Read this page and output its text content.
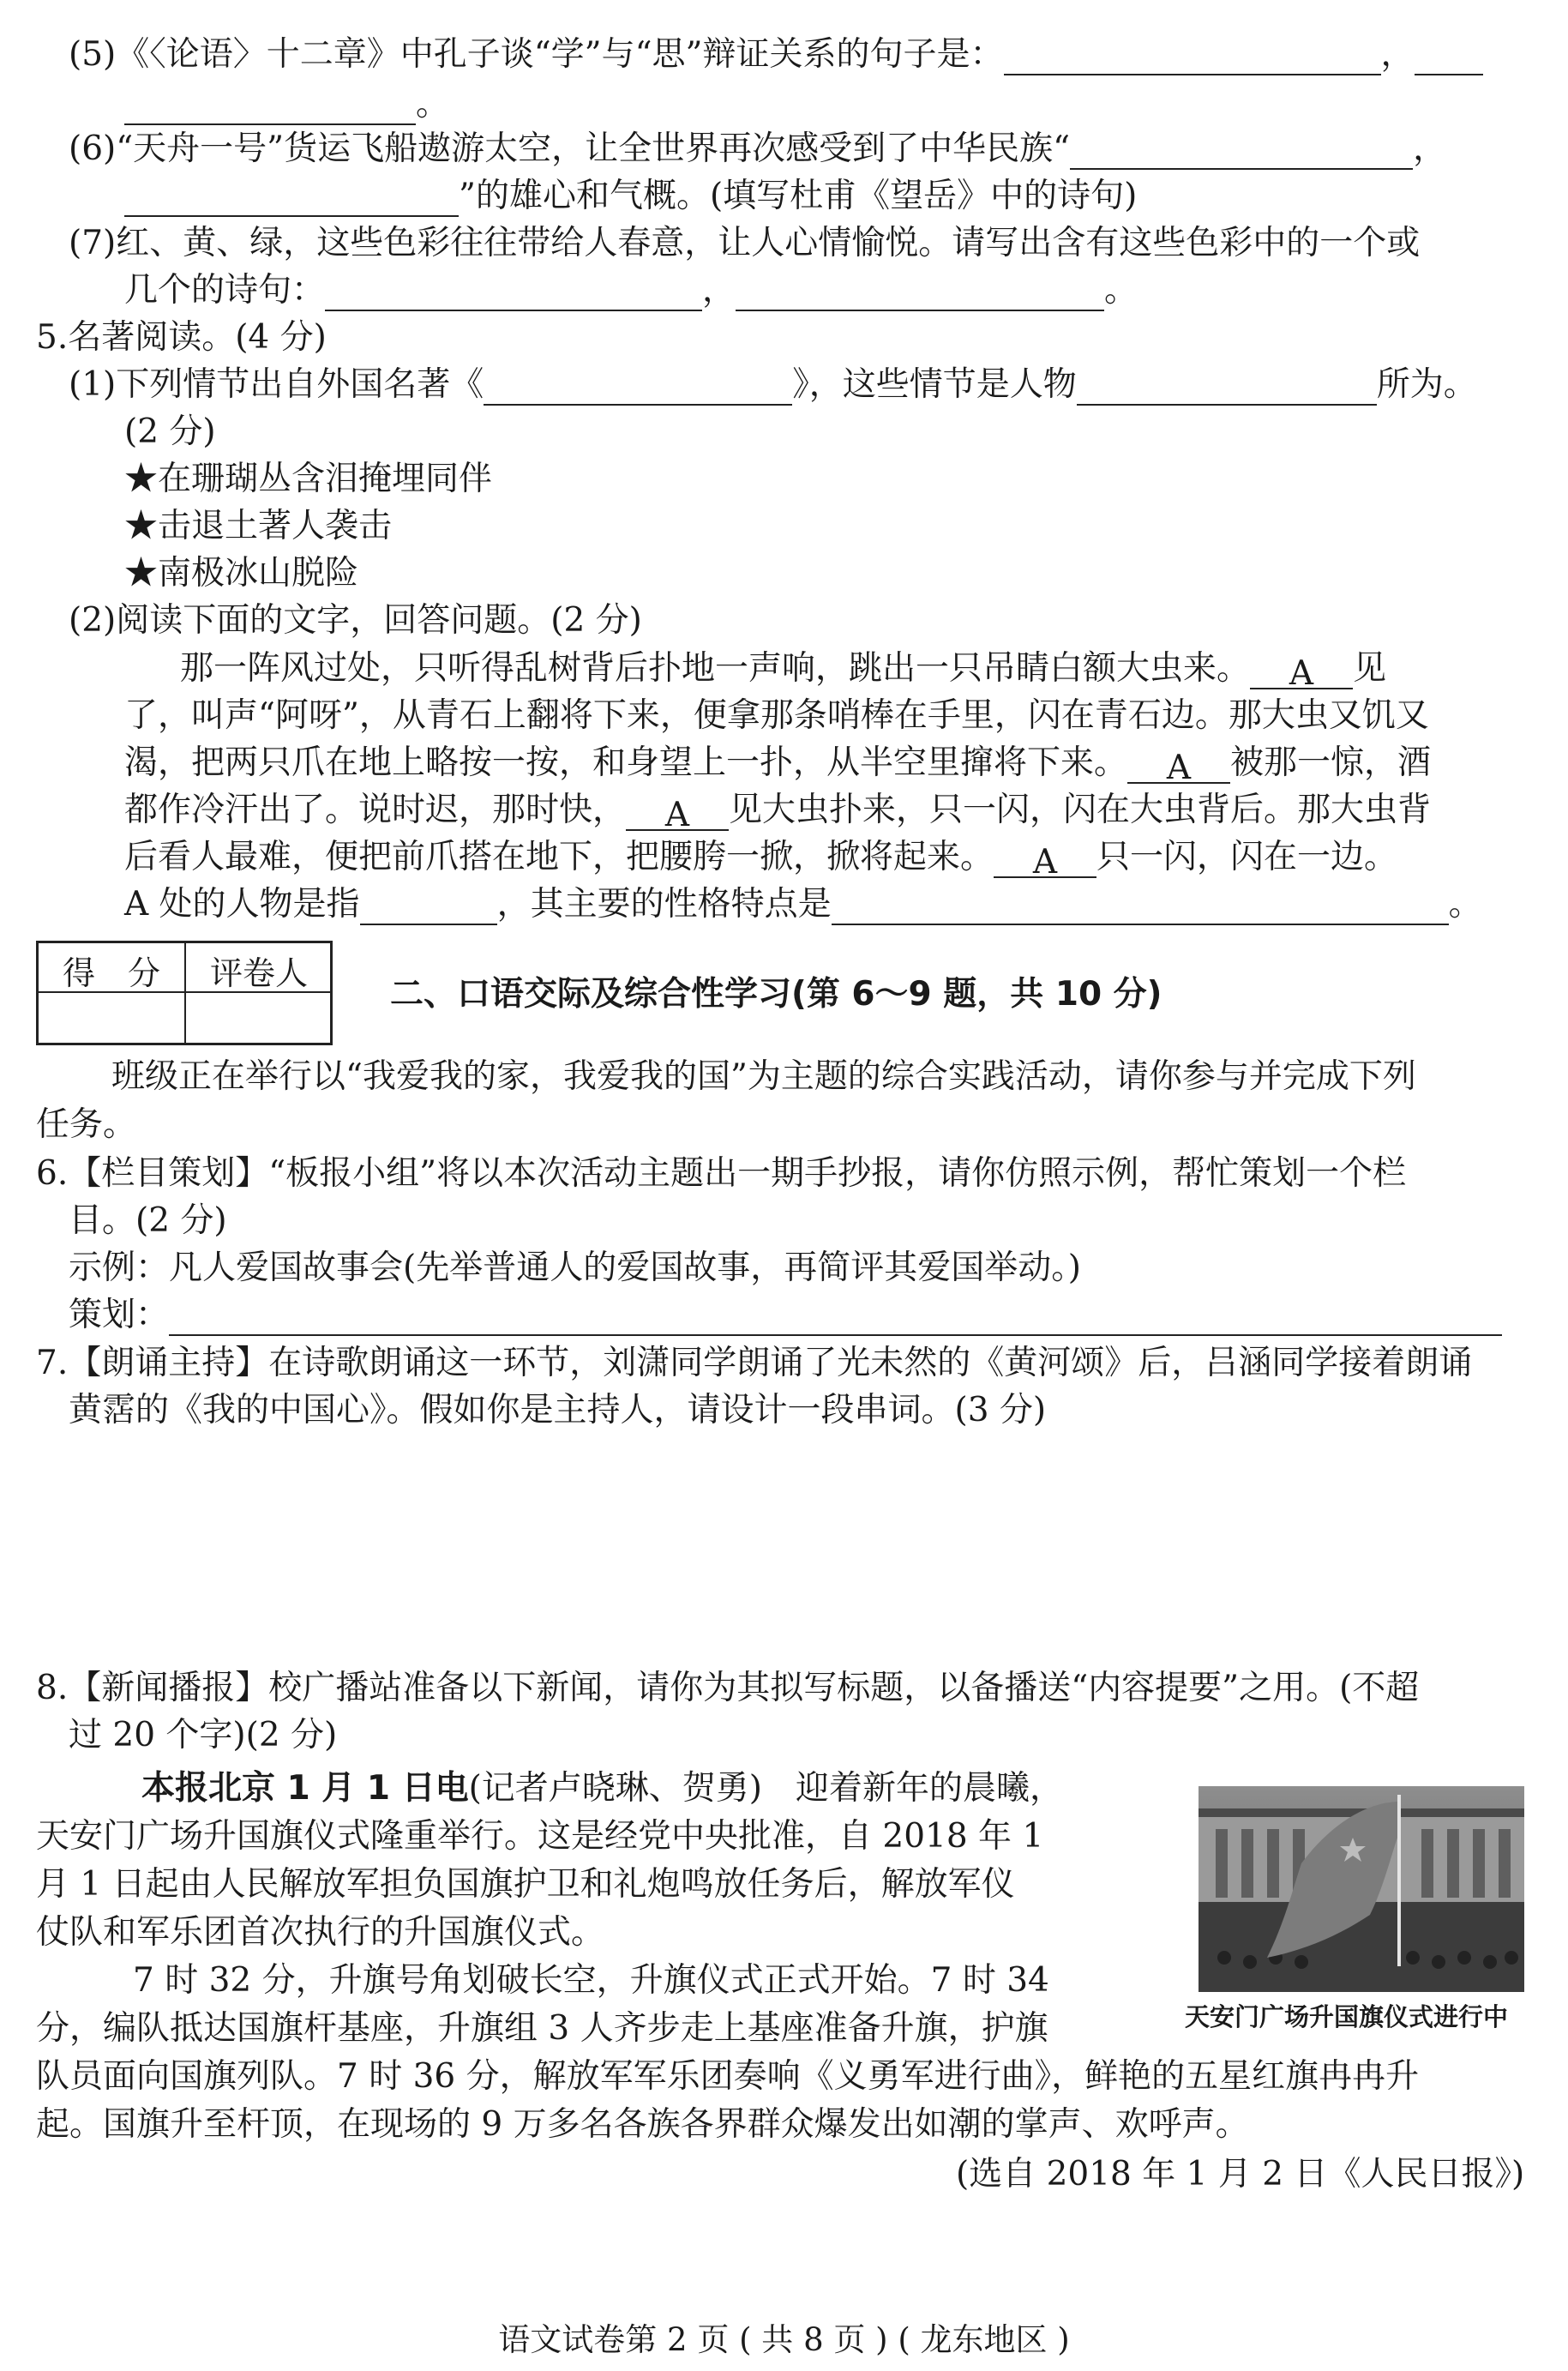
(5)《〈论语〉十二章》中孔子谈“学”与“思”辩证关系的句子是：	，
。
(6)“天舟一号”货运飞船遨游太空，让全世界再次感受到了中华民族“	，
”的雄心和气概。(填写杜甫《望岳》中的诗句)
(7)红、黄、绿，这些色彩往往带给人春意，让人心情愉悦。请写出含有这些色彩中的一个或
几个的诗句：	，	。
5.名著阅读。(4 分)
(1)下列情节出自外国名著《	》，这些情节是人物	所为。
(2 分)
★在珊瑚丛含泪掩埋同伴
★击退土著人袭击
★南极冰山脱险
(2)阅读下面的文字，回答问题。(2 分)
那一阵风过处，只听得乱树背后扑地一声响，跳出一只吊睛白额大虫来。 A 见
了，叫声“阿呀”，从青石上翻将下来，便拿那条哨棒在手里，闪在青石边。那大虫又饥又
渴，把两只爪在地上略按一按，和身望上一扑，从半空里撺将下来。 A 被那一惊，酒
都作冷汗出了。说时迟，那时快， A 见大虫扑来，只一闪，闪在大虫背后。那大虫背
后看人最难，便把前爪搭在地下，把腰胯一掀，掀将起来。 A 只一闪，闪在一边。
A 处的人物是指	，其主要的性格特点是	。
得　分	评卷人
二、口语交际及综合性学习(第 6～9 题，共 10 分)
班级正在举行以“我爱我的家，我爱我的国”为主题的综合实践活动，请你参与并完成下列
任务。
6.【栏目策划】“板报小组”将以本次活动主题出一期手抄报，请你仿照示例，帮忙策划一个栏
目。(2 分)
示例：凡人爱国故事会(先举普通人的爱国故事，再简评其爱国举动。)
策划：
7.【朗诵主持】在诗歌朗诵这一环节，刘潇同学朗诵了光未然的《黄河颂》后，吕涵同学接着朗诵
黄霑的《我的中国心》。假如你是主持人，请设计一段串词。(3 分)
8.【新闻播报】校广播站准备以下新闻，请你为其拟写标题，以备播送“内容提要”之用。(不超
过 20 个字)(2 分)
本报北京 1 月 1 日电(记者卢晓琳、贺勇)　迎着新年的晨曦，
天安门广场升国旗仪式隆重举行。这是经党中央批准，自 2018 年 1
月 1 日起由人民解放军担负国旗护卫和礼炮鸣放任务后，解放军仪
仗队和军乐团首次执行的升国旗仪式。
7 时 32 分，升旗号角划破长空，升旗仪式正式开始。7 时 34
分，编队抵达国旗杆基座，升旗组 3 人齐步走上基座准备升旗，护旗
队员面向国旗列队。7 时 36 分，解放军军乐团奏响《义勇军进行曲》，鲜艳的五星红旗冉冉升
起。国旗升至杆顶，在现场的 9 万多名各族各界群众爆发出如潮的掌声、欢呼声。
(选自 2018 年 1 月 2 日《人民日报》)
天安门广场升国旗仪式进行中
语文试卷第 2 页 ( 共 8 页 ) ( 龙东地区 )
